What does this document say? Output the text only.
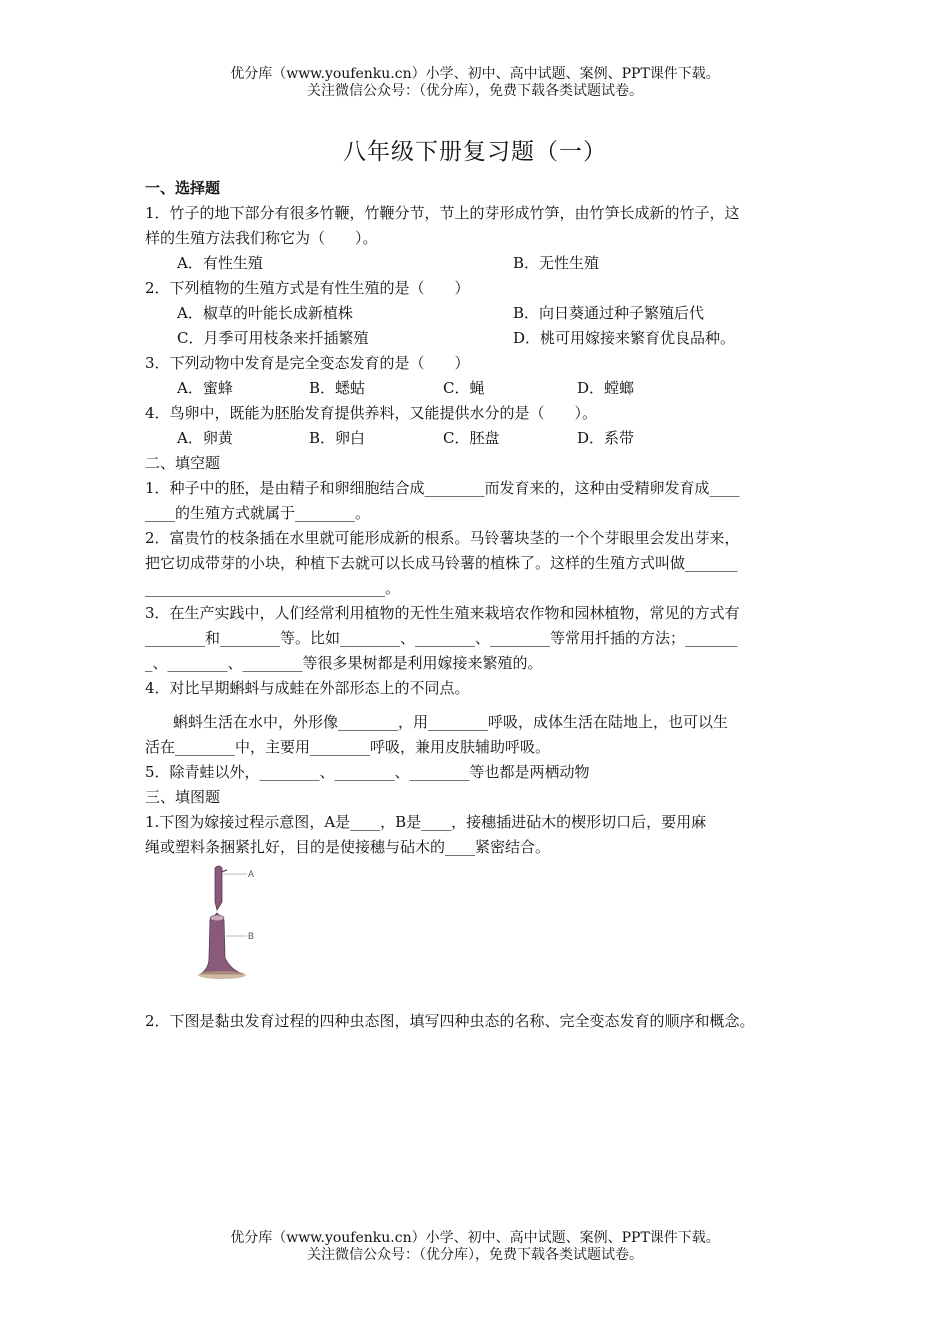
优分库（www.youfenku.cn）小学、初中、高中试题、案例、PPT课件下载。
关注微信公众号：（优分库），免费下载各类试题试卷。
八年级下册复习题（一）
一、选择题
1．竹子的地下部分有很多竹鞭，竹鞭分节，节上的芽形成竹笋，由竹笋长成新的竹子，这
样的生殖方法我们称它为（　　）。
A．有性生殖	B．无性生殖
2．下列植物的生殖方式是有性生殖的是（　　）
A．椒草的叶能长成新植株	B．向日葵通过种子繁殖后代
C．月季可用枝条来扦插繁殖	D．桃可用嫁接来繁育优良品种。
3．下列动物中发育是完全变态发育的是（　　）
A．蜜蜂	B．蟋蛄	C．蝇	D．螳螂
4．鸟卵中，既能为胚胎发育提供养料，又能提供水分的是（　　）。
A．卵黄	B．卵白	C．胚盘	D．系带
二、填空题
1．种子中的胚，是由精子和卵细胞结合成________而发育来的，这种由受精卵发育成____
____的生殖方式就属于________。
2．富贵竹的枝条插在水里就可能形成新的根系。马铃薯块茎的一个个芽眼里会发出芽来，
把它切成带芽的小块，种植下去就可以长成马铃薯的植株了。这样的生殖方式叫做_______
________________________________。
3．在生产实践中，人们经常利用植物的无性生殖来栽培农作物和园林植物，常见的方式有
________和________等。比如________、________、________等常用扦插的方法；_______
_、________、________等很多果树都是利用嫁接来繁殖的。
4．对比早期蝌蚪与成蛙在外部形态上的不同点。
蝌蚪生活在水中，外形像________，用________呼吸，成体生活在陆地上，也可以生
活在________中，主要用________呼吸，兼用皮肤辅助呼吸。
5．除青蛙以外，________、________、________等也都是两栖动物
三、填图题
1.下图为嫁接过程示意图，A是____，B是____，接穗插进砧木的楔形切口后，要用麻
绳或塑料条捆紧扎好，目的是使接穗与砧木的____紧密结合。
A
B
2．下图是黏虫发育过程的四种虫态图，填写四种虫态的名称、完全变态发育的顺序和概念。
优分库（www.youfenku.cn）小学、初中、高中试题、案例、PPT课件下载。
关注微信公众号：（优分库），免费下载各类试题试卷。
